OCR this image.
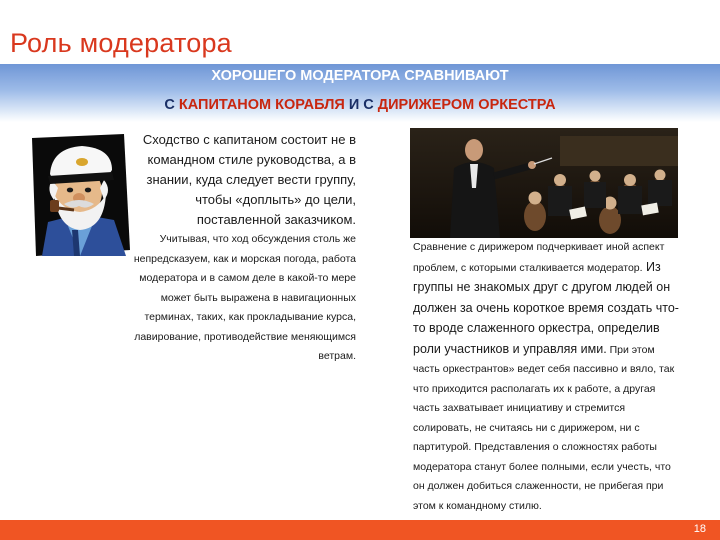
Роль модератора
ХОРОШЕГО МОДЕРАТОРА СРАВНИВАЮТ
С КАПИТАНОМ КОРАБЛЯ И С ДИРИЖЕРОМ ОРКЕСТРА
Сходство с капитаном состоит не в командном стиле руководства, а в знании, куда следует вести группу, чтобы «доплыть» до цели, поставленной заказчиком.
Учитывая, что ход обсуждения столь же непредсказуем, как и морская погода, работа модератора и в самом деле в какой-то мере может быть выражена в навигационных терминах, таких, как прокладывание курса, лавирование, противодействие меняющимся ветрам.
Сравнение с дирижером подчеркивает иной аспект проблем, с которыми сталкивается модератор. Из группы не знакомых друг с другом людей он должен за очень короткое время создать что-то вроде слаженного оркестра, определив роли участников и управляя ими. При этом часть оркестрантов» ведет себя пассивно и вяло, так что приходится располагать их к работе, а другая часть захватывает инициативу и стремится солировать, не считаясь ни с дирижером, ни с партитурой. Представления о сложностях работы модератора станут более полными, если учесть, что он должен добиться слаженности, не прибегая при этом к командному стилю.
18
